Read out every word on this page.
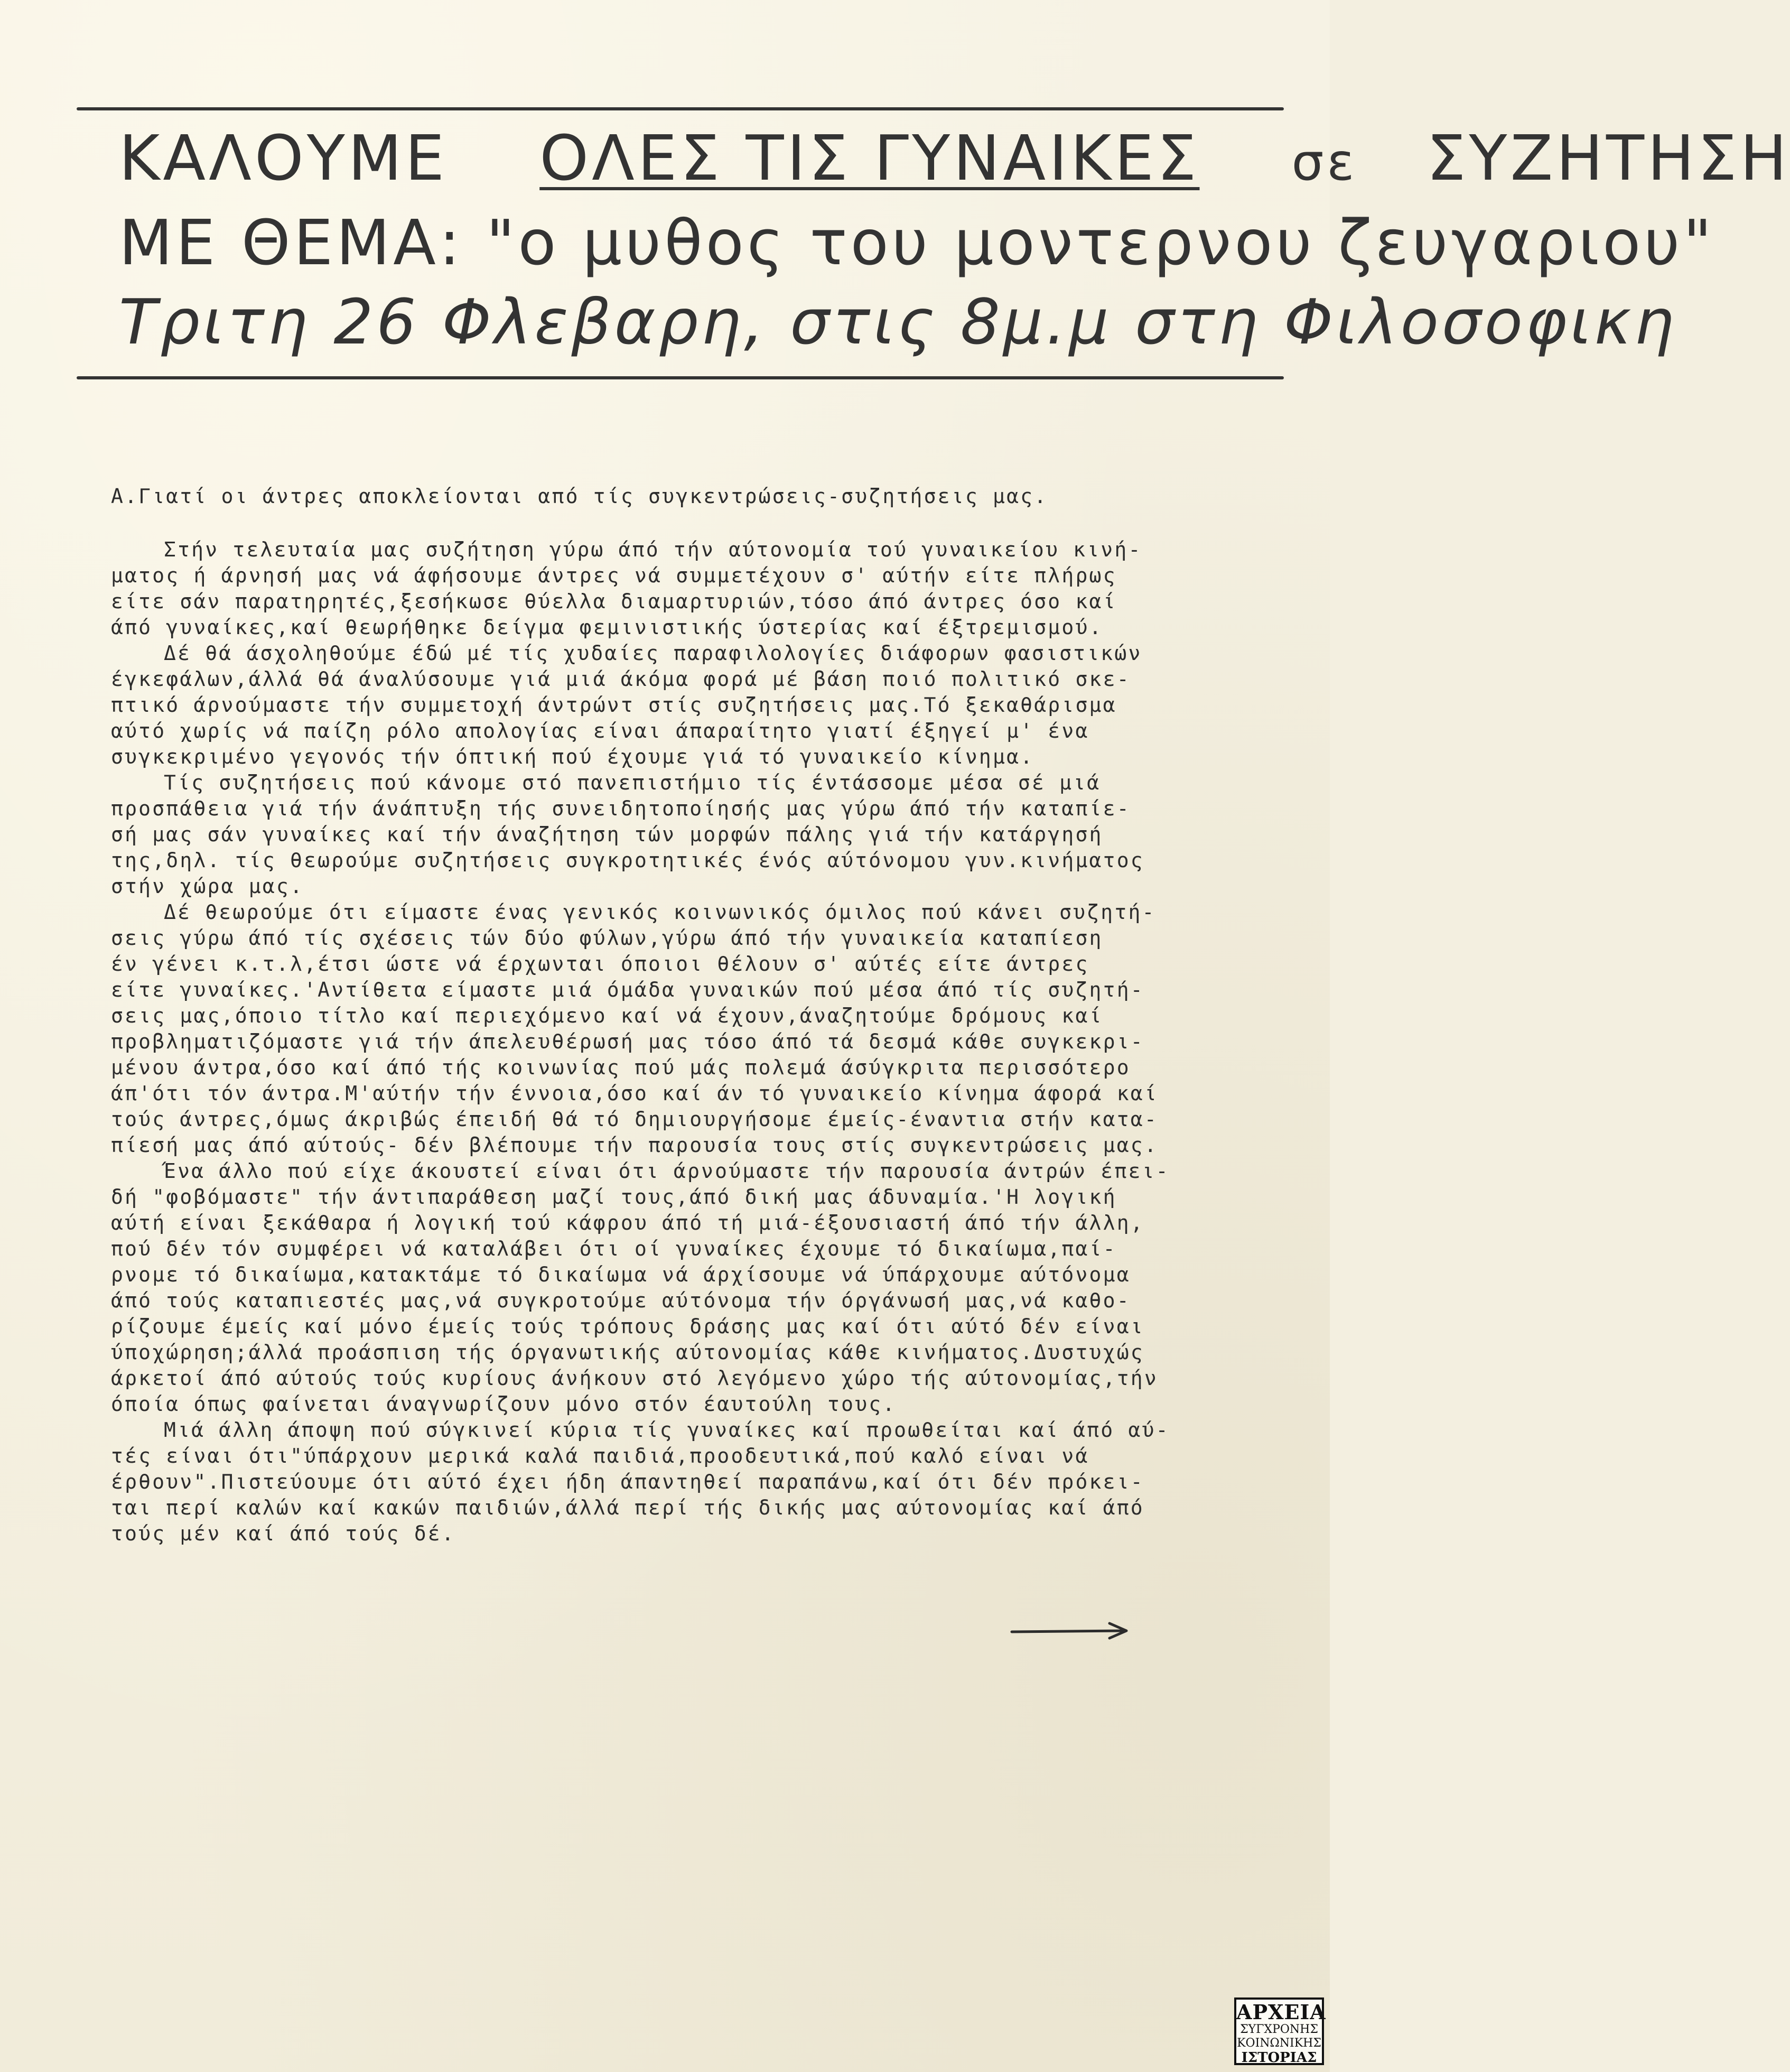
ΚΑΛΟΥΜΕ ΟΛΕΣ ΤΙΣ ΓΥΝΑΙΚΕΣ σε ΣΥΖΗΤΗΣΗ
ΜΕ ΘΕΜΑ: "ο μυθος του μοντερνου ζευγαριου"
Τριτη 26 Φλεβαρη, στις 8μ.μ στη Φιλοσοφικη

Α.Γιατί οι άντρες αποκλείονται από τίς συγκεντρώσεις-συζητήσεις μας.

Στήν τελευταία μας συζήτηση γύρω άπό τήν αύτονομία τού γυναικείου κινή-
ματος ή άρνησή μας νά άφήσουμε άντρες νά συμμετέχουν σ' αύτήν είτε πλήρως
είτε σάν παρατηρητές,ξεσήκωσε θύελλα διαμαρτυριών,τόσο άπό άντρες όσο καί
άπό γυναίκες,καί θεωρήθηκε δείγμα φεμινιστικής ύστερίας καί έξτρεμισμού.

Δέ θά άσχοληθούμε έδώ μέ τίς χυδαίες παραφιλολογίες διάφορων φασιστικών
έγκεφάλων,άλλά θά άναλύσουμε γιά μιά άκόμα φορά μέ βάση ποιό πολιτικό σκε-
πτικό άρνούμαστε τήν συμμετοχή άντρώντ στίς συζητήσεις μας.Τό ξεκαθάρισμα
αύτό χωρίς νά παίζη ρόλο απολογίας είναι άπαραίτητο γιατί έξηγεί μ' ένα
συγκεκριμένο γεγονός τήν όπτική πού έχουμε γιά τό γυναικείο κίνημα.

Τίς συζητήσεις πού κάνομε στό πανεπιστήμιο τίς έντάσσομε μέσα σέ μιά
προσπάθεια γιά τήν άνάπτυξη τής συνειδητοποίησής μας γύρω άπό τήν καταπίε-
σή μας σάν γυναίκες καί τήν άναζήτηση τών μορφών πάλης γιά τήν κατάργησή
της,δηλ. τίς θεωρούμε συζητήσεις συγκροτητικές ένός αύτόνομου γυν.κινήματος
στήν χώρα μας.

Δέ θεωρούμε ότι είμαστε ένας γενικός κοινωνικός όμιλος πού κάνει συζητή-
σεις γύρω άπό τίς σχέσεις τών δύο φύλων,γύρω άπό τήν γυναικεία καταπίεση
έν γένει κ.τ.λ,έτσι ώστε νά έρχωνται όποιοι θέλουν σ' αύτές είτε άντρες
είτε γυναίκες.'Αντίθετα είμαστε μιά όμάδα γυναικών πού μέσα άπό τίς συζητή-
σεις μας,όποιο τίτλο καί περιεχόμενο καί νά έχουν,άναζητούμε δρόμους καί
προβληματιζόμαστε γιά τήν άπελευθέρωσή μας τόσο άπό τά δεσμά κάθε συγκεκρι-
μένου άντρα,όσο καί άπό τής κοινωνίας πού μάς πολεμά άσύγκριτα περισσότερο
άπ'ότι τόν άντρα.Μ'αύτήν τήν έννοια,όσο καί άν τό γυναικείο κίνημα άφορά καί
τούς άντρες,όμως άκριβώς έπειδή θά τό δημιουργήσομε έμείς-έναντια στήν κατα-
πίεσή μας άπό αύτούς- δέν βλέπουμε τήν παρουσία τους στίς συγκεντρώσεις μας.

Ένα άλλο πού είχε άκουστεί είναι ότι άρνούμαστε τήν παρουσία άντρών έπει-
δή "φοβόμαστε" τήν άντιπαράθεση μαζί τους,άπό δική μας άδυναμία.'Η λογική
αύτή είναι ξεκάθαρα ή λογική τού κάφρου άπό τή μιά-έξουσιαστή άπό τήν άλλη,
πού δέν τόν συμφέρει νά καταλάβει ότι οί γυναίκες έχουμε τό δικαίωμα,παί-
ρνομε τό δικαίωμα,κατακτάμε τό δικαίωμα νά άρχίσουμε νά ύπάρχουμε αύτόνομα
άπό τούς καταπιεστές μας,νά συγκροτούμε αύτόνομα τήν όργάνωσή μας,νά καθο-
ρίζουμε έμείς καί μόνο έμείς τούς τρόπους δράσης μας καί ότι αύτό δέν είναι
ύποχώρηση;άλλά προάσπιση τής όργανωτικής αύτονομίας κάθε κινήματος.Δυστυχώς
άρκετοί άπό αύτούς τούς κυρίους άνήκουν στό λεγόμενο χώρο τής αύτονομίας,τήν
όποία όπως φαίνεται άναγνωρίζουν μόνο στόν έαυτούλη τους.

Μιά άλλη άποψη πού σύγκινεί κύρια τίς γυναίκες καί προωθείται καί άπό αύ-
τές είναι ότι"ύπάρχουν μερικά καλά παιδιά,προοδευτικά,πού καλό είναι νά
έρθουν".Πιστεύουμε ότι αύτό έχει ήδη άπαντηθεί παραπάνω,καί ότι δέν πρόκει-
ται περί καλών καί κακών παιδιών,άλλά περί τής δικής μας αύτονομίας καί άπό
τούς μέν καί άπό τούς δέ.

ΑΡΧΕΙΑ
ΣΥΓΧΡΟΝΗΣ
ΚΟΙΝΩΝΙΚΗΣ
ΙΣΤΟΡΙΑΣ
